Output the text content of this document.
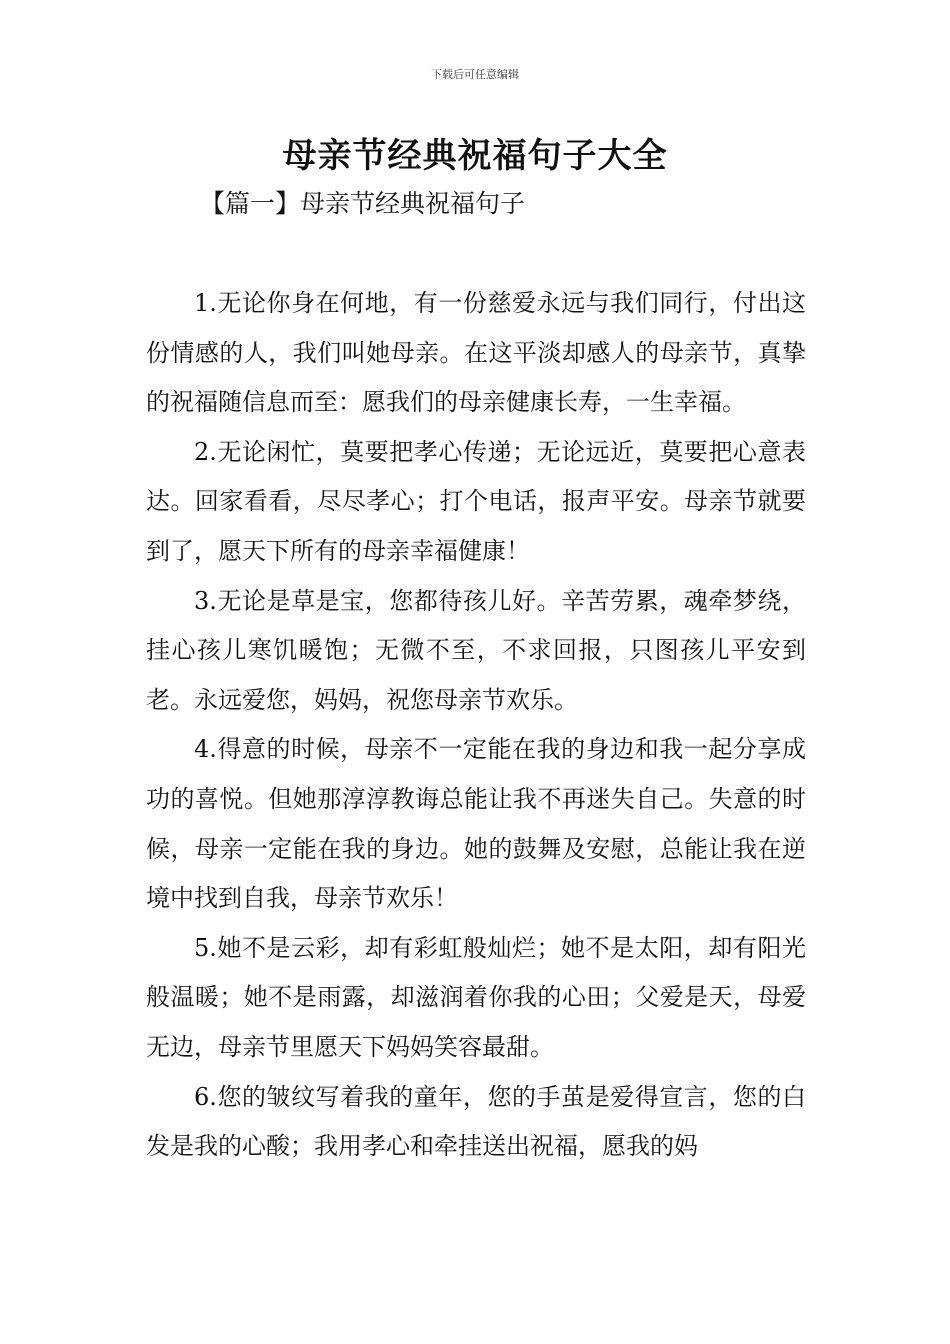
下载后可任意编辑
母亲节经典祝福句子大全
【篇一】母亲节经典祝福句子

1.无论你身在何地，有一份慈爱永远与我们同行，付出这份情感的人，我们叫她母亲。在这平淡却感人的母亲节，真挚的祝福随信息而至：愿我们的母亲健康长寿，一生幸福。

2.无论闲忙，莫要把孝心传递；无论远近，莫要把心意表达。回家看看，尽尽孝心；打个电话，报声平安。母亲节就要到了，愿天下所有的母亲幸福健康！

3.无论是草是宝，您都待孩儿好。辛苦劳累，魂牵梦绕，挂心孩儿寒饥暖饱；无微不至，不求回报，只图孩儿平安到老。永远爱您，妈妈，祝您母亲节欢乐。

4.得意的时候，母亲不一定能在我的身边和我一起分享成功的喜悦。但她那淳淳教诲总能让我不再迷失自己。失意的时候，母亲一定能在我的身边。她的鼓舞及安慰，总能让我在逆境中找到自我，母亲节欢乐！

5.她不是云彩，却有彩虹般灿烂；她不是太阳，却有阳光般温暖；她不是雨露，却滋润着你我的心田；父爱是天，母爱无边，母亲节里愿天下妈妈笑容最甜。

6.您的皱纹写着我的童年，您的手茧是爱得宣言，您的白发是我的心酸；我用孝心和牵挂送出祝福，愿我的妈
